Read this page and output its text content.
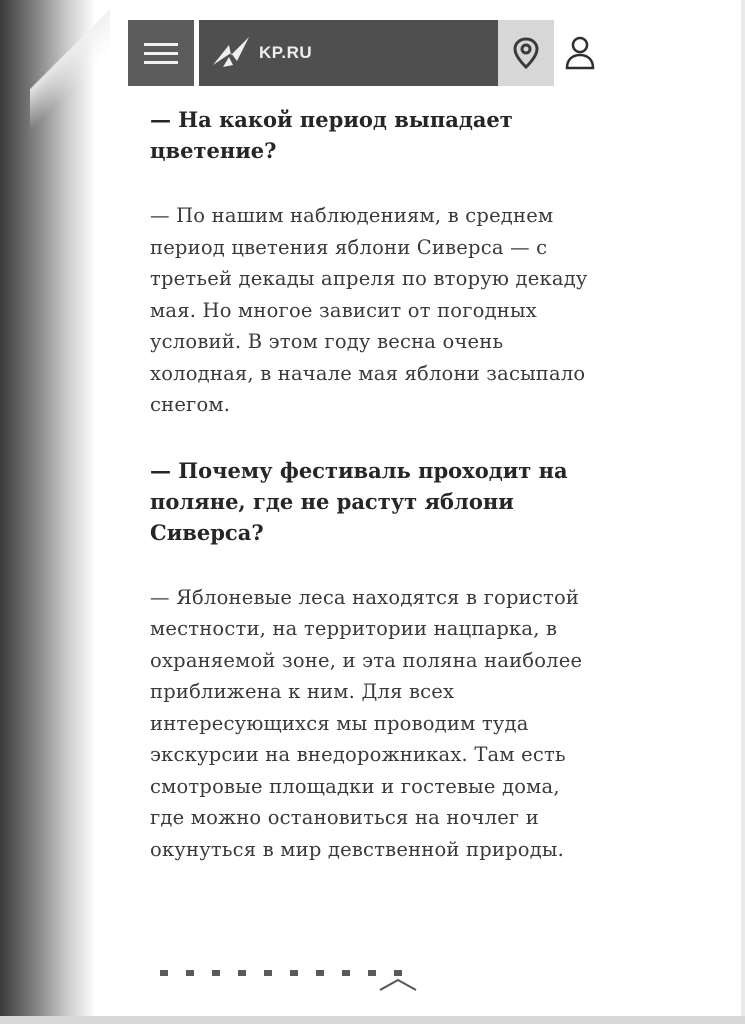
KP.RU

— На какой период выпадает цветение?

— По нашим наблюдениям, в среднем период цветения яблони Сиверса — с третьей декады апреля по вторую декаду мая. Но многое зависит от погодных условий. В этом году весна очень холодная, в начале мая яблони засыпало снегом.

— Почему фестиваль проходит на поляне, где не растут яблони Сиверса?

— Яблоневые леса находятся в гористой местности, на территории нацпарка, в охраняемой зоне, и эта поляна наиболее приближена к ним. Для всех интересующихся мы проводим туда экскурсии на внедорожниках. Там есть смотровые площадки и гостевые дома, где можно остановиться на ночлег и окунуться в мир девственной природы.
